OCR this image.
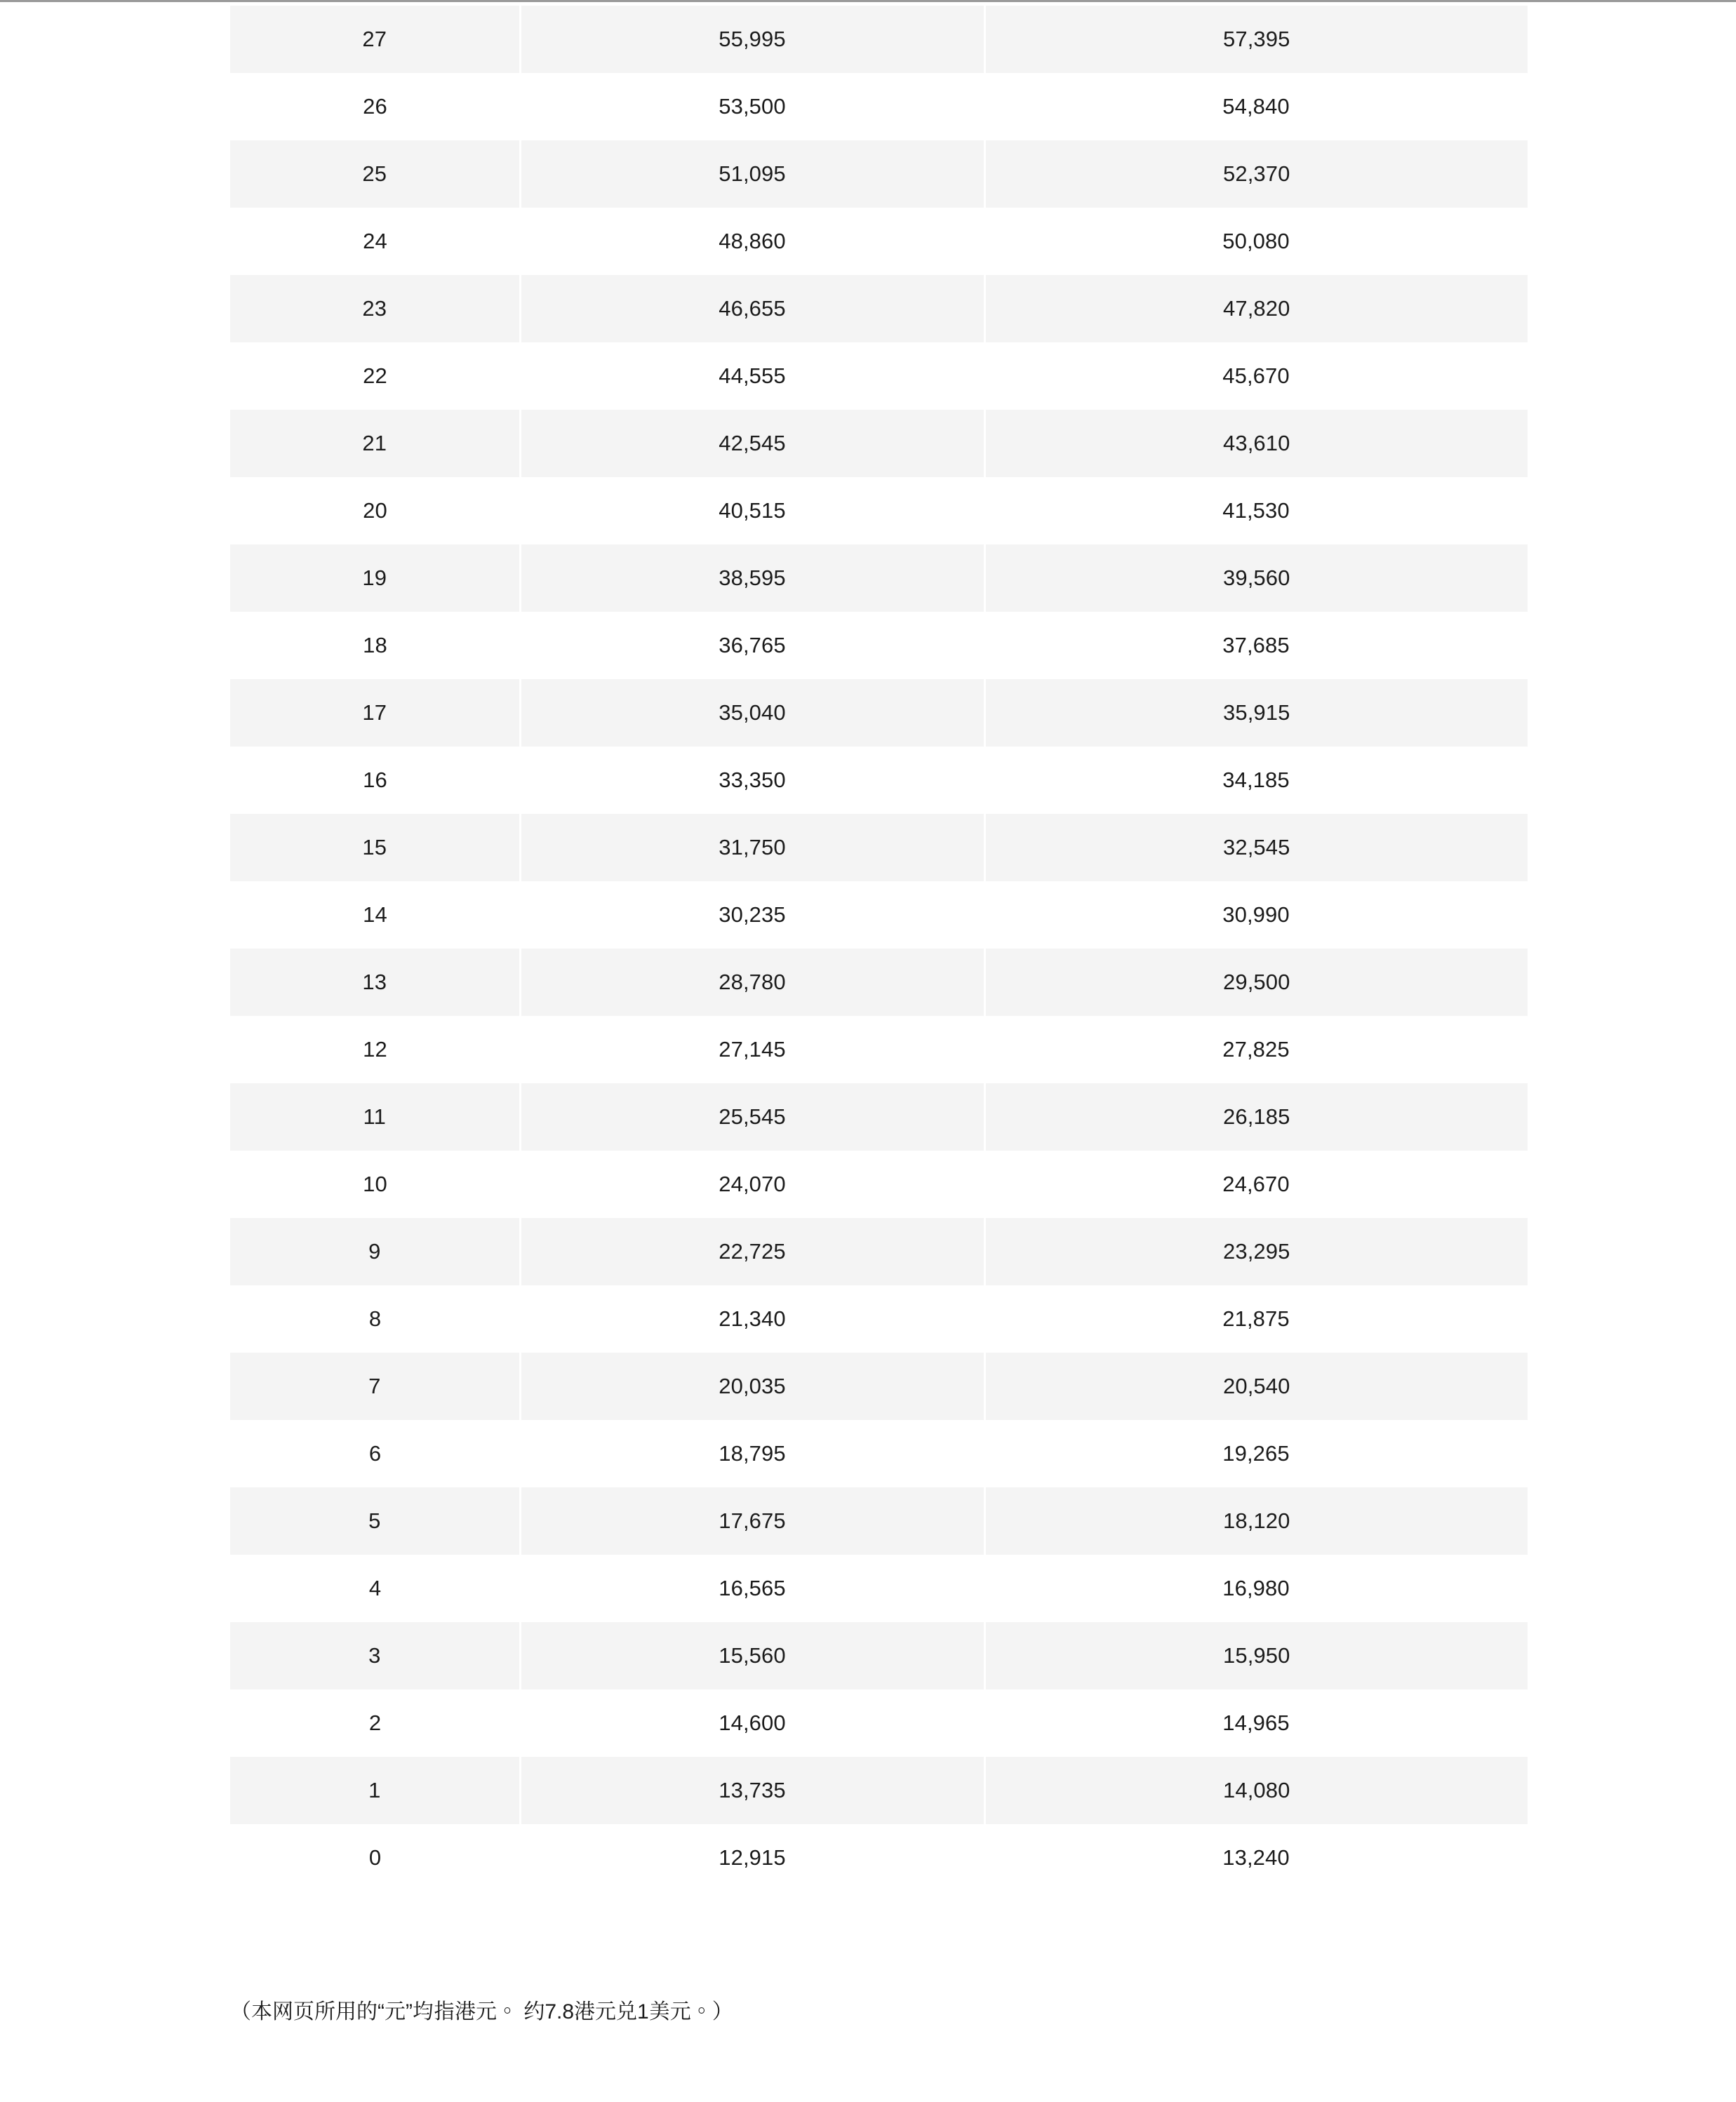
27	55,995	57,395
26	53,500	54,840
25	51,095	52,370
24	48,860	50,080
23	46,655	47,820
22	44,555	45,670
21	42,545	43,610
20	40,515	41,530
19	38,595	39,560
18	36,765	37,685
17	35,040	35,915
16	33,350	34,185
15	31,750	32,545
14	30,235	30,990
13	28,780	29,500
12	27,145	27,825
11	25,545	26,185
10	24,070	24,670
9	22,725	23,295
8	21,340	21,875
7	20,035	20,540
6	18,795	19,265
5	17,675	18,120
4	16,565	16,980
3	15,560	15,950
2	14,600	14,965
1	13,735	14,080
0	12,915	13,240
（本网页所用的“元”均指港元。 约7.8港元兑1美元。）
